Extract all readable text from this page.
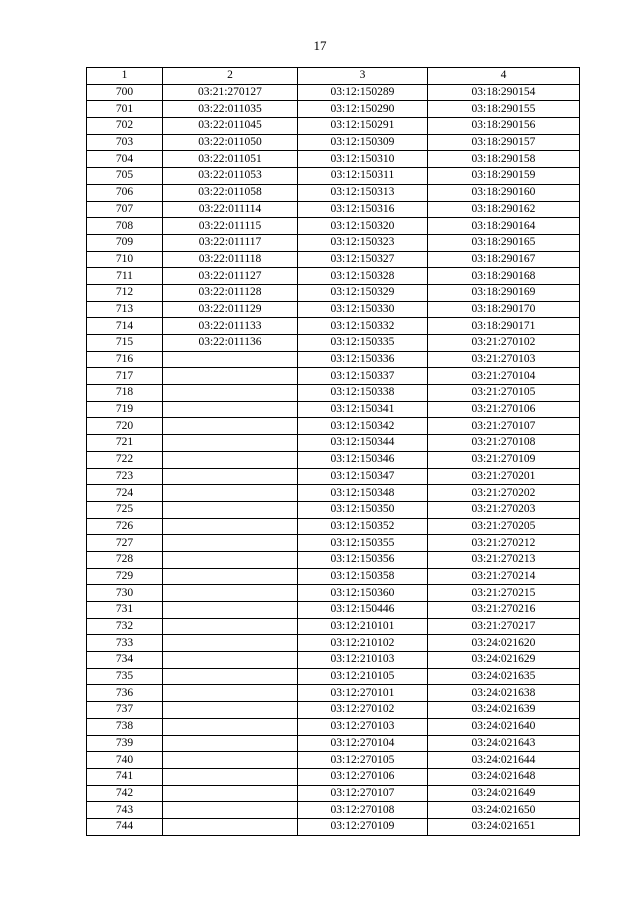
17
1	2	3	4
700	03:21:270127	03:12:150289	03:18:290154
701	03:22:011035	03:12:150290	03:18:290155
702	03:22:011045	03:12:150291	03:18:290156
703	03:22:011050	03:12:150309	03:18:290157
704	03:22:011051	03:12:150310	03:18:290158
705	03:22:011053	03:12:150311	03:18:290159
706	03:22:011058	03:12:150313	03:18:290160
707	03:22:011114	03:12:150316	03:18:290162
708	03:22:011115	03:12:150320	03:18:290164
709	03:22:011117	03:12:150323	03:18:290165
710	03:22:011118	03:12:150327	03:18:290167
711	03:22:011127	03:12:150328	03:18:290168
712	03:22:011128	03:12:150329	03:18:290169
713	03:22:011129	03:12:150330	03:18:290170
714	03:22:011133	03:12:150332	03:18:290171
715	03:22:011136	03:12:150335	03:21:270102
716		03:12:150336	03:21:270103
717		03:12:150337	03:21:270104
718		03:12:150338	03:21:270105
719		03:12:150341	03:21:270106
720		03:12:150342	03:21:270107
721		03:12:150344	03:21:270108
722		03:12:150346	03:21:270109
723		03:12:150347	03:21:270201
724		03:12:150348	03:21:270202
725		03:12:150350	03:21:270203
726		03:12:150352	03:21:270205
727		03:12:150355	03:21:270212
728		03:12:150356	03:21:270213
729		03:12:150358	03:21:270214
730		03:12:150360	03:21:270215
731		03:12:150446	03:21:270216
732		03:12:210101	03:21:270217
733		03:12:210102	03:24:021620
734		03:12:210103	03:24:021629
735		03:12:210105	03:24:021635
736		03:12:270101	03:24:021638
737		03:12:270102	03:24:021639
738		03:12:270103	03:24:021640
739		03:12:270104	03:24:021643
740		03:12:270105	03:24:021644
741		03:12:270106	03:24:021648
742		03:12:270107	03:24:021649
743		03:12:270108	03:24:021650
744		03:12:270109	03:24:021651
